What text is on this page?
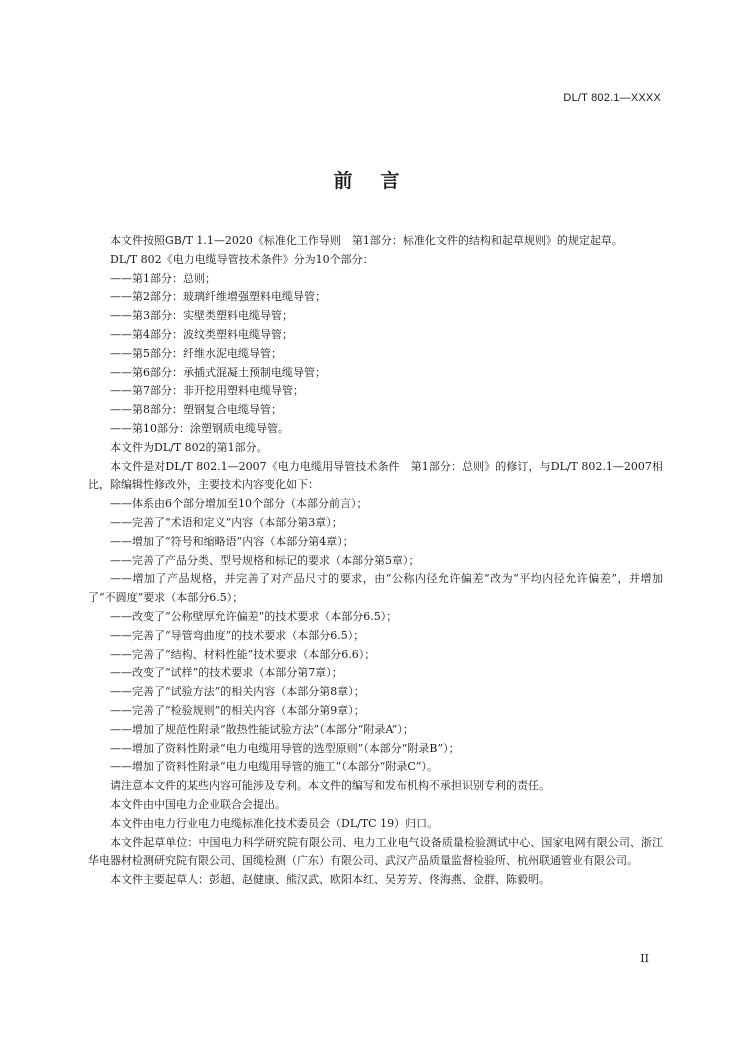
DL/T 802.1—XXXX
前言

本文件按照GB/T 1.1—2020《标准化工作导则　第1部分：标准化文件的结构和起草规则》的规定起草。

DL/T 802《电力电缆导管技术条件》分为10个部分：

——第1部分：总则；

——第2部分：玻璃纤维增强塑料电缆导管；

——第3部分：实壁类塑料电缆导管；

——第4部分：波纹类塑料电缆导管；

——第5部分：纤维水泥电缆导管；

——第6部分：承插式混凝土预制电缆导管；

——第7部分：非开挖用塑料电缆导管；

——第8部分：塑钢复合电缆导管；

——第10部分：涂塑钢质电缆导管。

本文件为DL/T 802的第1部分。

本文件是对DL/T 802.1—2007《电力电缆用导管技术条件　第1部分：总则》的修订，与DL/T 802.1—2007相比，除编辑性修改外，主要技术内容变化如下：

——体系由6个部分增加至10个部分（本部分前言）；

——完善了“术语和定义”内容（本部分第3章）；

——增加了“符号和缩略语”内容（本部分第4章）；

——完善了产品分类、型号规格和标记的要求（本部分第5章）；

——增加了产品规格，并完善了对产品尺寸的要求，由“公称内径允许偏差”改为“平均内径允许偏差”，并增加了“不圆度”要求（本部分6.5）；

——改变了“公称壁厚允许偏差”的技术要求（本部分6.5）；

——完善了“导管弯曲度”的技术要求（本部分6.5）；

——完善了“结构、材料性能”技术要求（本部分6.6）；

——改变了“试样”的技术要求（本部分第7章）；

——完善了“试验方法”的相关内容（本部分第8章）；

——完善了“检验规则”的相关内容（本部分第9章）；

——增加了规范性附录“散热性能试验方法”（本部分“附录A”）；

——增加了资料性附录“电力电缆用导管的选型原则”（本部分“附录B”）；

——增加了资料性附录“电力电缆用导管的施工”（本部分“附录C”）。

请注意本文件的某些内容可能涉及专利。本文件的编写和发布机构不承担识别专利的责任。

本文件由中国电力企业联合会提出。

本文件由电力行业电力电缆标准化技术委员会（DL/TC 19）归口。

本文件起草单位：中国电力科学研究院有限公司、电力工业电气设备质量检验测试中心、国家电网有限公司、浙江华电器材检测研究院有限公司、国缆检测（广东）有限公司、武汉产品质量监督检验所、杭州联通管业有限公司。

本文件主要起草人：彭超、赵健康、熊汉武、欧阳本红、吴芳芳、佟海燕、金群、陈毅明。

II
